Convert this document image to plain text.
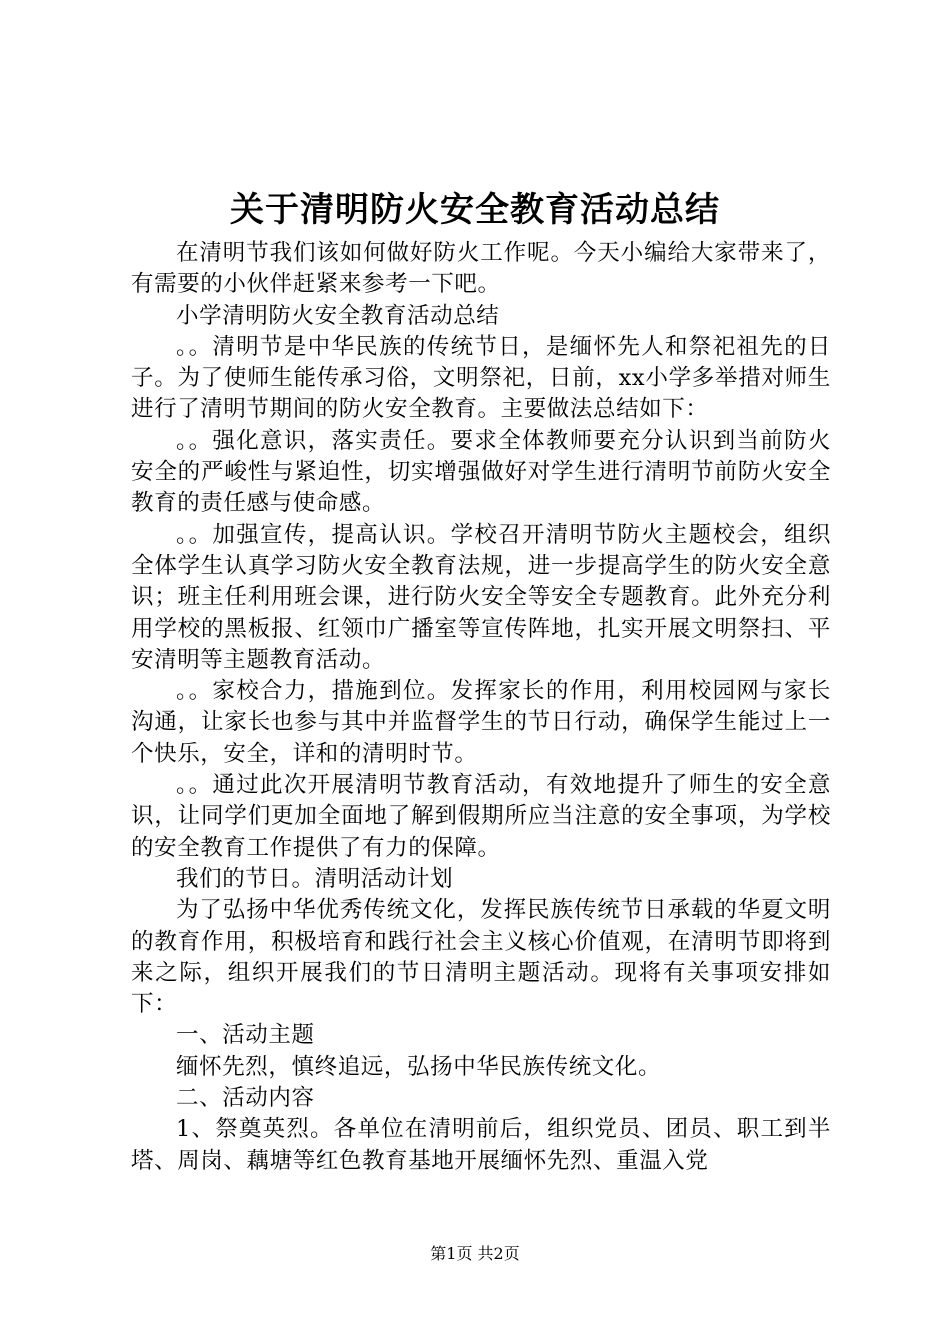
关于清明防火安全教育活动总结

在清明节我们该如何做好防火工作呢。今天小编给大家带来了，有需要的小伙伴赶紧来参考一下吧。

小学清明防火安全教育活动总结

。。清明节是中华民族的传统节日，是缅怀先人和祭祀祖先的日子。为了使师生能传承习俗，文明祭祀，日前，xx小学多举措对师生进行了清明节期间的防火安全教育。主要做法总结如下：

。。强化意识，落实责任。要求全体教师要充分认识到当前防火安全的严峻性与紧迫性，切实增强做好对学生进行清明节前防火安全教育的责任感与使命感。

。。加强宣传，提高认识。学校召开清明节防火主题校会，组织全体学生认真学习防火安全教育法规，进一步提高学生的防火安全意识；班主任利用班会课，进行防火安全等安全专题教育。此外充分利用学校的黑板报、红领巾广播室等宣传阵地，扎实开展文明祭扫、平安清明等主题教育活动。

。。家校合力，措施到位。发挥家长的作用，利用校园网与家长沟通，让家长也参与其中并监督学生的节日行动，确保学生能过上一个快乐，安全，详和的清明时节。

。。通过此次开展清明节教育活动，有效地提升了师生的安全意识，让同学们更加全面地了解到假期所应当注意的安全事项，为学校的安全教育工作提供了有力的保障。

我们的节日。清明活动计划

为了弘扬中华优秀传统文化，发挥民族传统节日承载的华夏文明的教育作用，积极培育和践行社会主义核心价值观，在清明节即将到来之际，组织开展我们的节日清明主题活动。现将有关事项安排如下：

一、活动主题

缅怀先烈，慎终追远，弘扬中华民族传统文化。

二、活动内容

1、祭奠英烈。各单位在清明前后，组织党员、团员、职工到半塔、周岗、藕塘等红色教育基地开展缅怀先烈、重温入党

第1页 共2页
